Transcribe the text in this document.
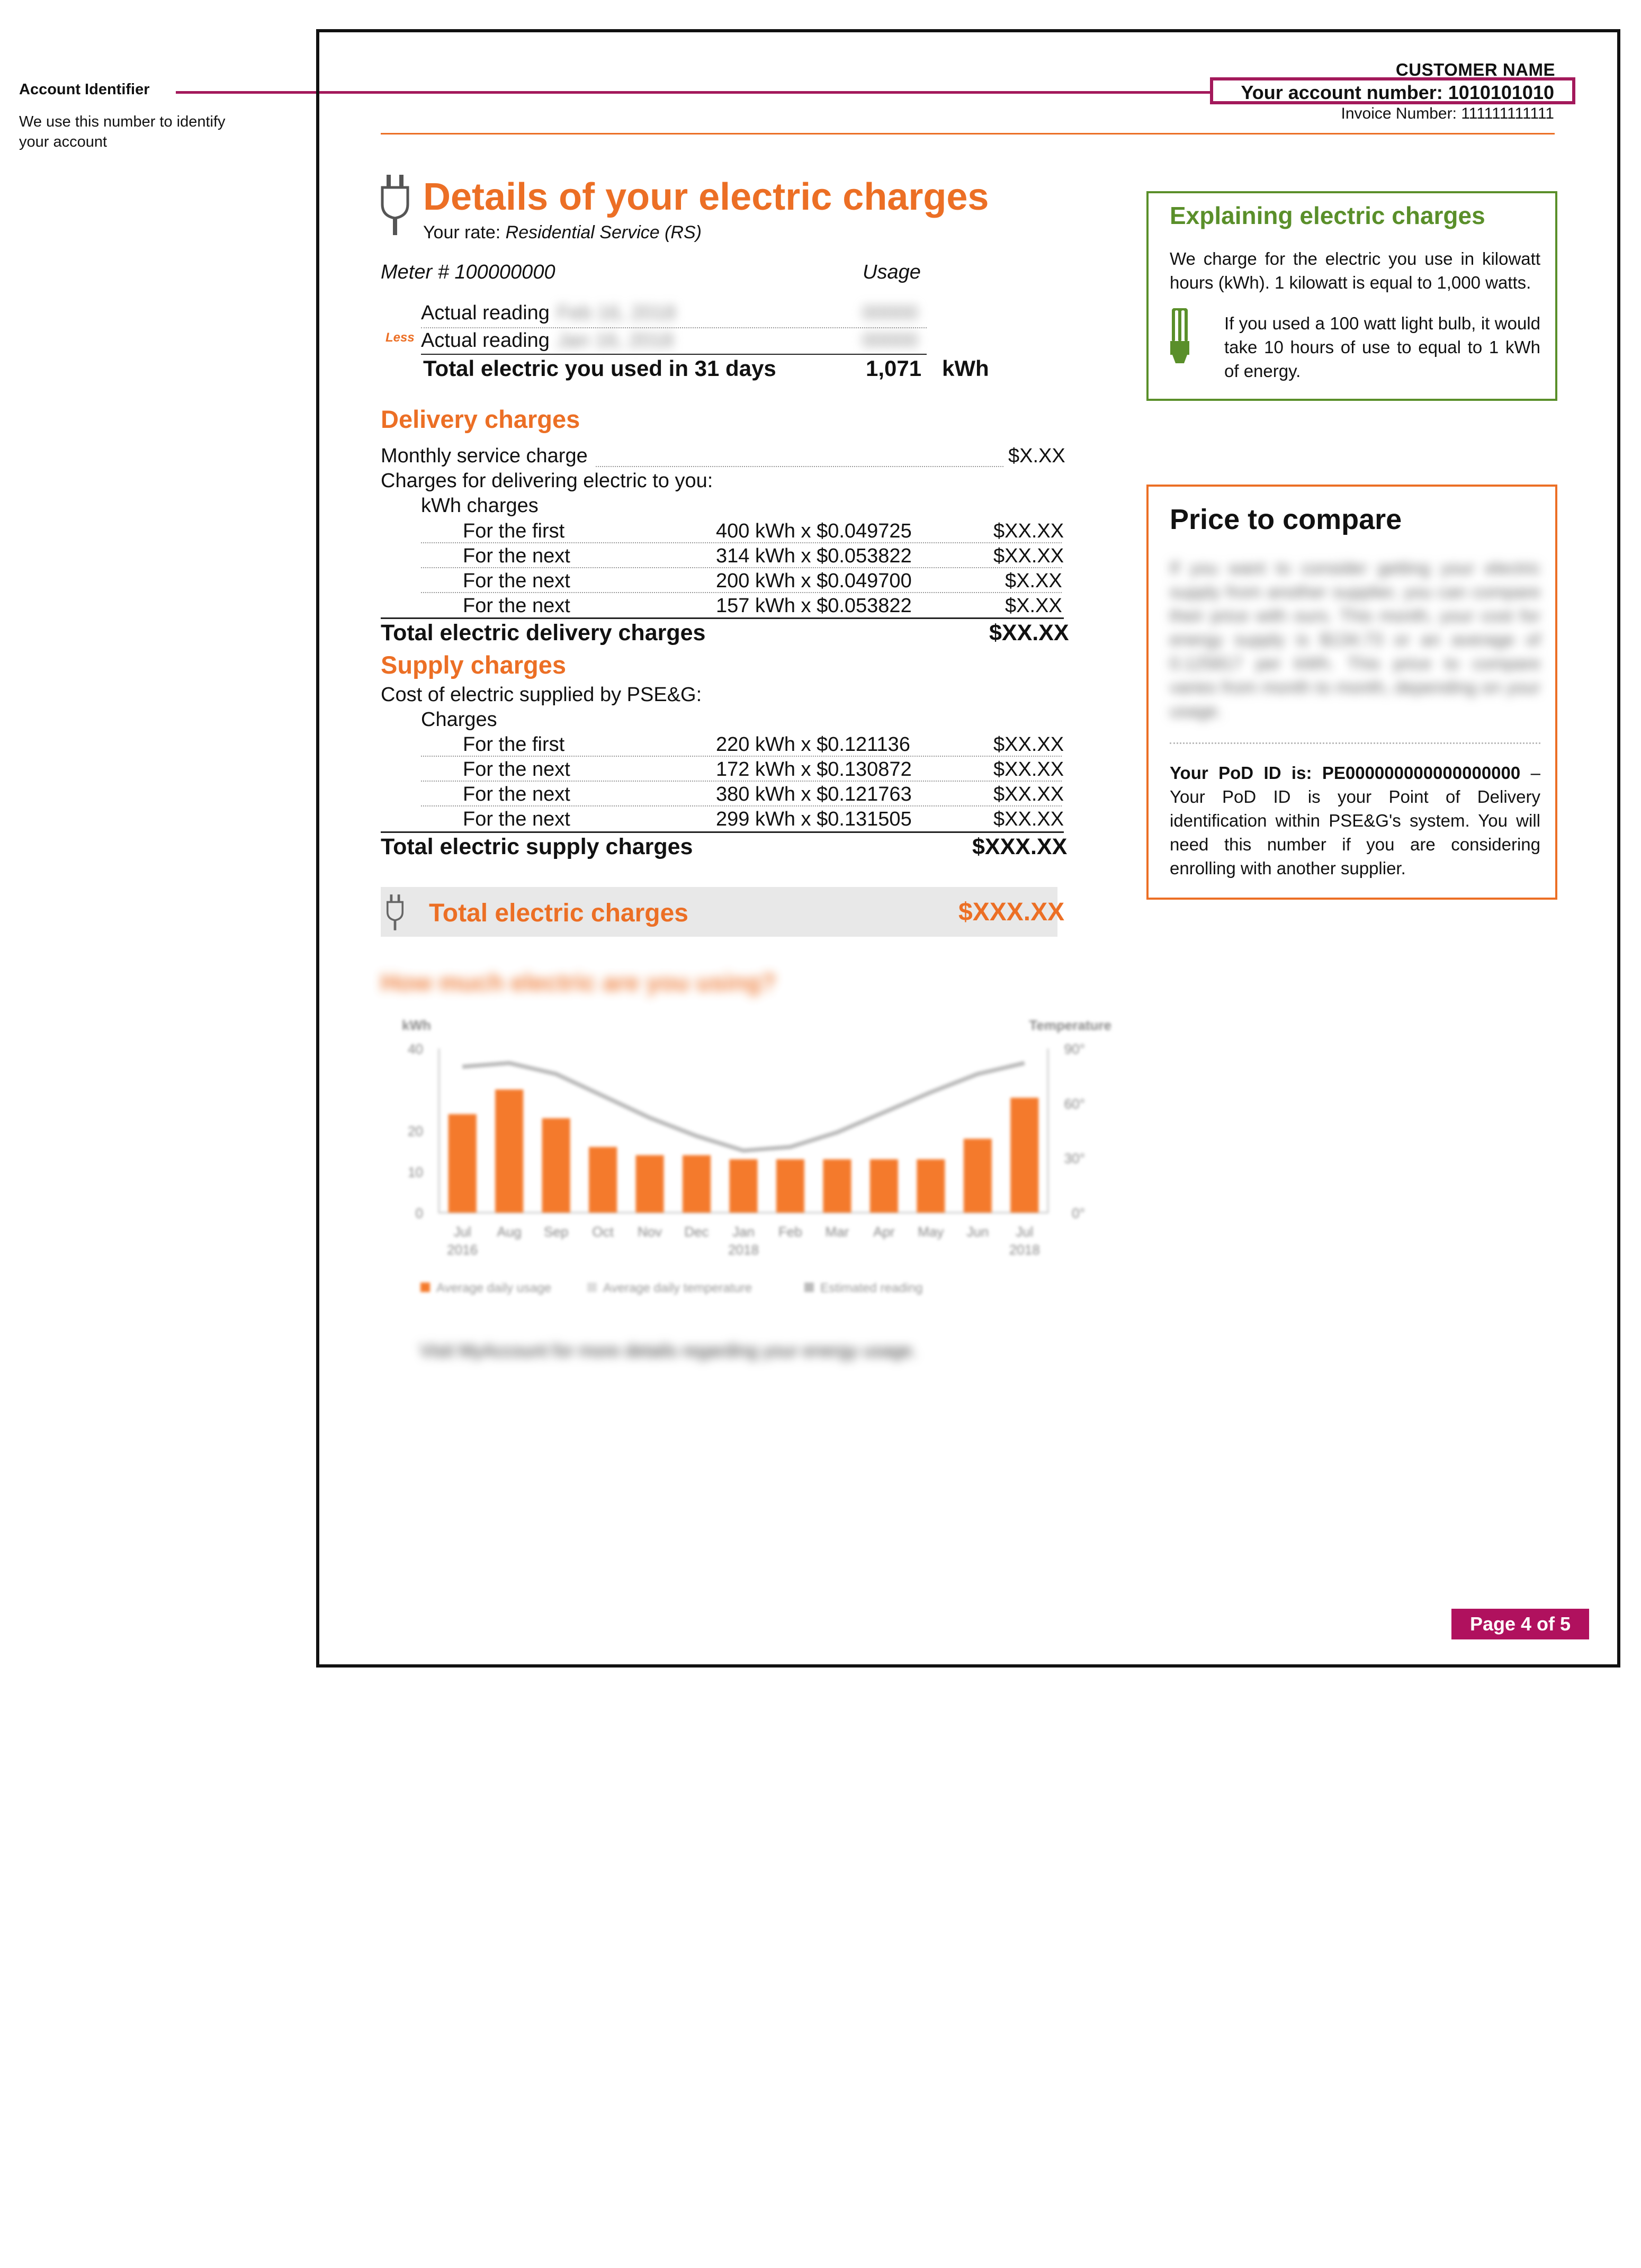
Account Identifier
We use this number to identify your account
CUSTOMER NAME
Your account number: 1010101010
Invoice Number: 111111111111
Details of your electric charges
Your rate: Residential Service (RS)
Meter # 100000000	Usage
Actual reading Feb 16, 2018	00000
Less Actual reading Jan 16, 2018	00000
Total electric you used in 31 days	1,071 kWh
Delivery charges
Monthly service charge	$X.XX
Charges for delivering electric to you:
kWh charges
For the first	400 kWh x $0.049725	$XX.XX
For the next	314 kWh x $0.053822	$XX.XX
For the next	200 kWh x $0.049700	$X.XX
For the next	157 kWh x $0.053822	$X.XX
Total electric delivery charges	$XX.XX
Supply charges
Cost of electric supplied by PSE&G:
Charges
For the first	220 kWh x $0.121136	$XX.XX
For the next	172 kWh x $0.130872	$XX.XX
For the next	380 kWh x $0.121763	$XX.XX
For the next	299 kWh x $0.131505	$XX.XX
Total electric supply charges	$XXX.XX
Total electric charges	$XXX.XX
Explaining electric charges
We charge for the electric you use in kilowatt hours (kWh). 1 kilowatt is equal to 1,000 watts.
If you used a 100 watt light bulb, it would take 10 hours of use to equal to 1 kWh of energy.
Price to compare
If you want to consider getting your electric supply from another supplier, you can compare their price with ours. This month, your cost for energy supply is $134.73 or an average of 0.125817 per kWh. This price to compare varies from month to month, depending on your usage.
Your PoD ID is: PE000000000000000000 – Your PoD ID is your Point of Delivery identification within PSE&G's system. You will need this number if you are considering enrolling with another supplier.
How much electric are you using?
kWh	Temperature
0
10
20
40
0°
30°
60°
90°
Jul
2016
Aug Sep Oct Nov Dec Jan
2018
Feb Mar Apr May Jun Jul
2018
Average daily usage	Average daily temperature	Estimated reading
Visit MyAccount for more details regarding your energy usage.
Page 4 of 5
